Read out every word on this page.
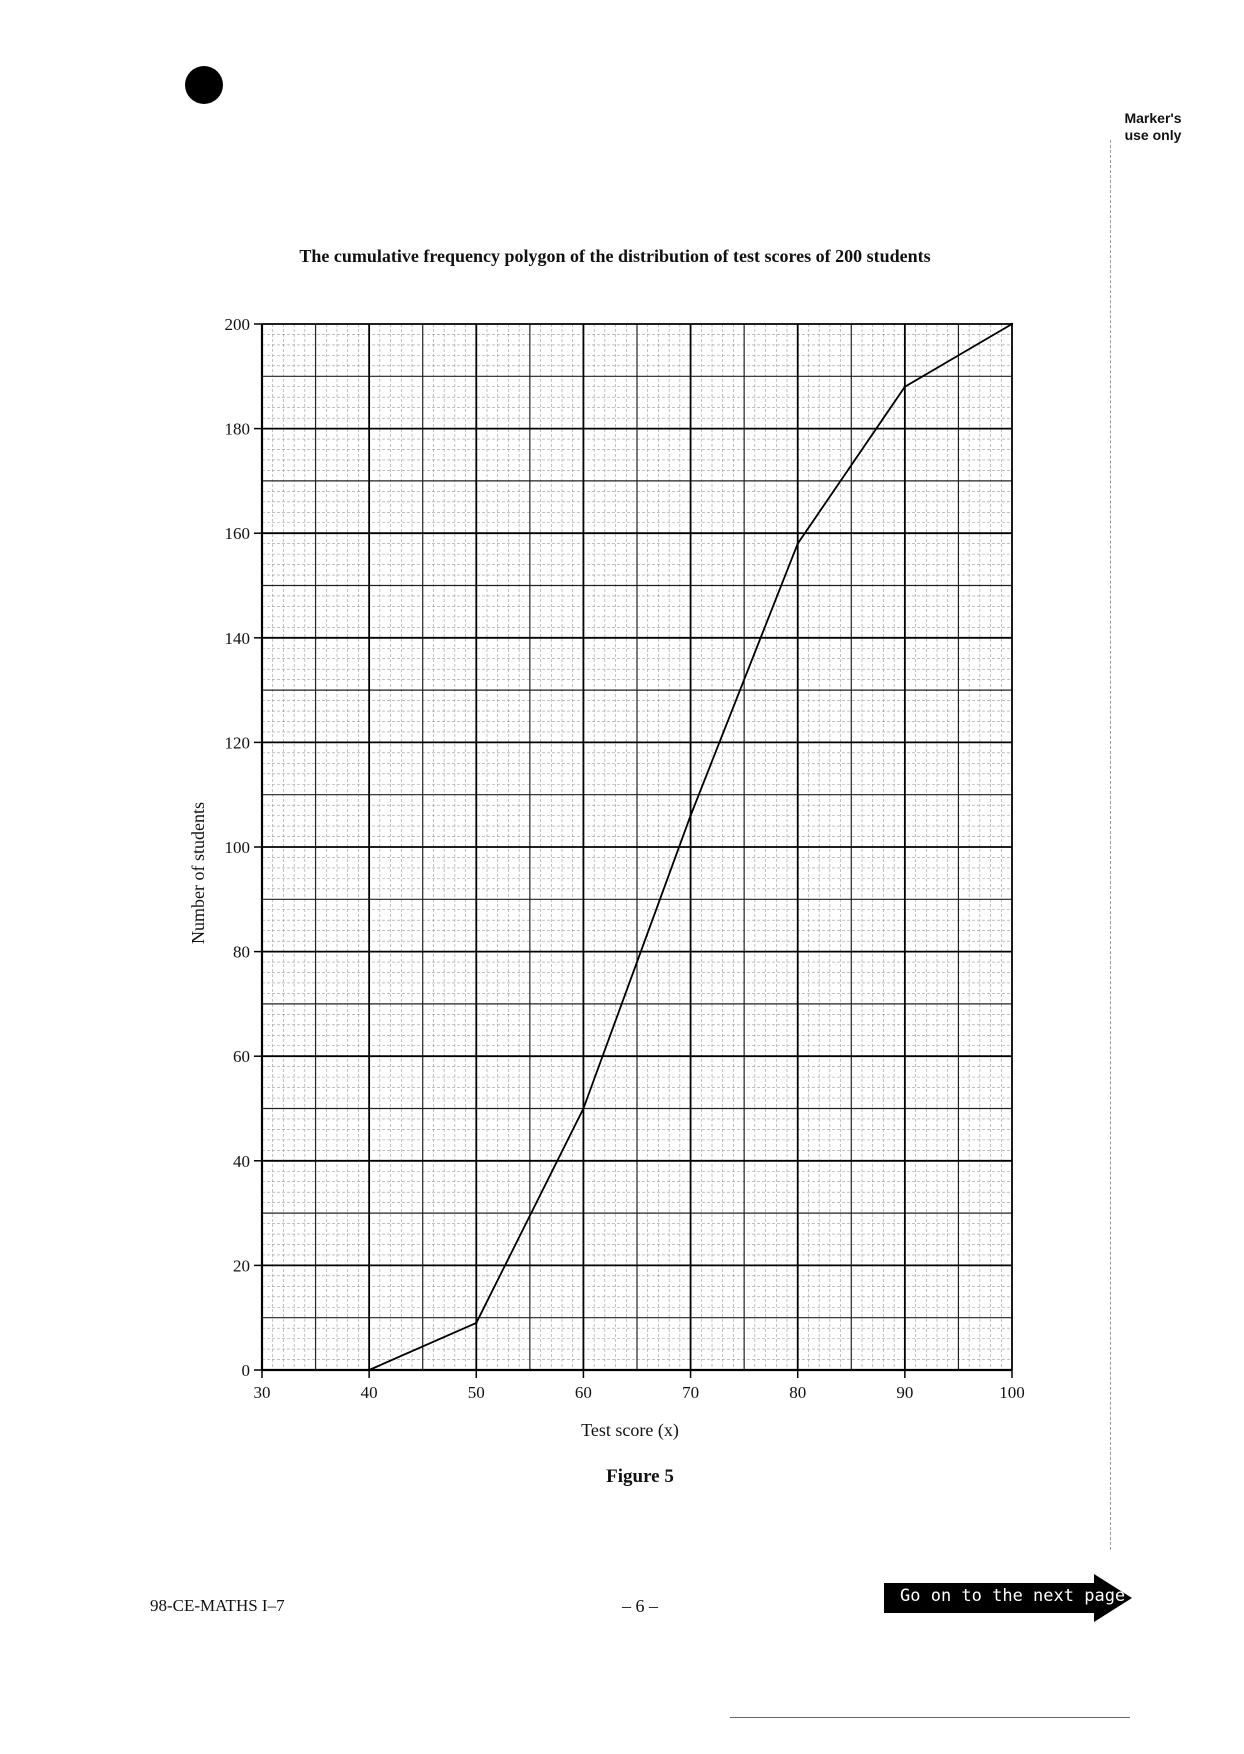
Marker's
use only
The cumulative frequency polygon of the distribution of test scores of 200 students
30	40	50	60	70	80	90	100
0
20
40
60
80
100
120
140
160
180
200
Test score (x)
Number of students
Figure 5
98-CE-MATHS I–7	– 6 –	Go on to the next page
